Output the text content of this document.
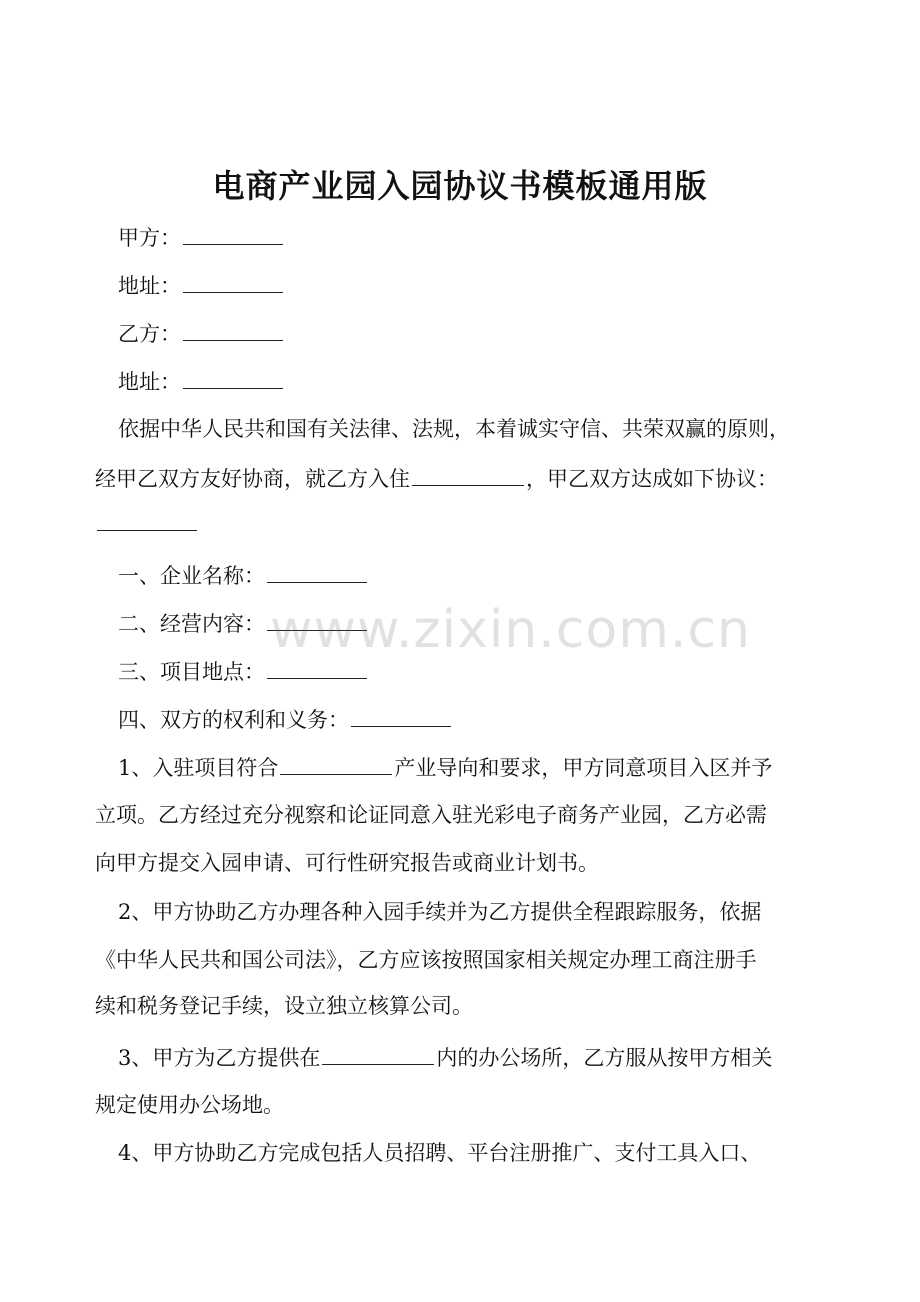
电商产业园入园协议书模板通用版
甲方：
地址：
乙方：
地址：
依据中华人民共和国有关法律、法规，本着诚实守信、共荣双赢的原则，
经甲乙双方友好协商，就乙方入住	，甲乙双方达成如下协议：
一、企业名称：
二、经营内容：
三、项目地点：
四、双方的权利和义务：
1、入驻项目符合	产业导向和要求，甲方同意项目入区并予
立项。乙方经过充分视察和论证同意入驻光彩电子商务产业园，乙方必需
向甲方提交入园申请、可行性研究报告或商业计划书。
2、甲方协助乙方办理各种入园手续并为乙方提供全程跟踪服务，依据
《中华人民共和国公司法》，乙方应该按照国家相关规定办理工商注册手
续和税务登记手续，设立独立核算公司。
3、甲方为乙方提供在	内的办公场所，乙方服从按甲方相关
规定使用办公场地。
4、甲方协助乙方完成包括人员招聘、平台注册推广、支付工具入口、
www.zixin.com.cn
